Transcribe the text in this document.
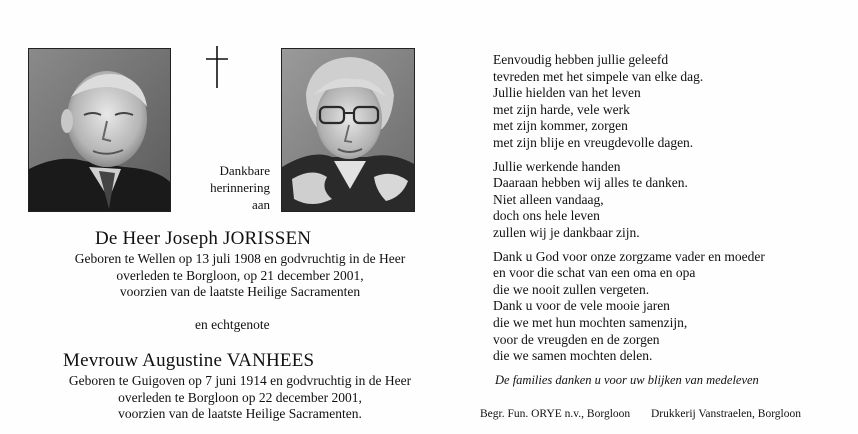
Dankbare
herinnering
aan
De Heer Joseph JORISSEN
Geboren te Wellen op 13 juli 1908 en godvruchtig in de Heer
overleden te Borgloon, op 21 december 2001,
voorzien van de laatste Heilige Sacramenten
en echtgenote
Mevrouw Augustine VANHEES
Geboren te Guigoven op 7 juni 1914 en godvruchtig in de Heer
overleden te Borgloon op 22 december 2001,
voorzien van de laatste Heilige Sacramenten.
Eenvoudig hebben jullie geleefd
tevreden met het simpele van elke dag.
Jullie hielden van het leven
met zijn harde, vele werk
met zijn kommer, zorgen
met zijn blije en vreugdevolle dagen.
Jullie werkende handen
Daaraan hebben wij alles te danken.
Niet alleen vandaag,
doch ons hele leven
zullen wij je dankbaar zijn.
Dank u God voor onze zorgzame vader en moeder
en voor die schat van een oma en opa
die we nooit zullen vergeten.
Dank u voor de vele mooie jaren
die we met hun mochten samenzijn,
voor de vreugden en de zorgen
die we samen mochten delen.
De families danken u voor uw blijken van medeleven
Begr. Fun. ORYE n.v., Borgloon Drukkerij Vanstraelen, Borgloon
